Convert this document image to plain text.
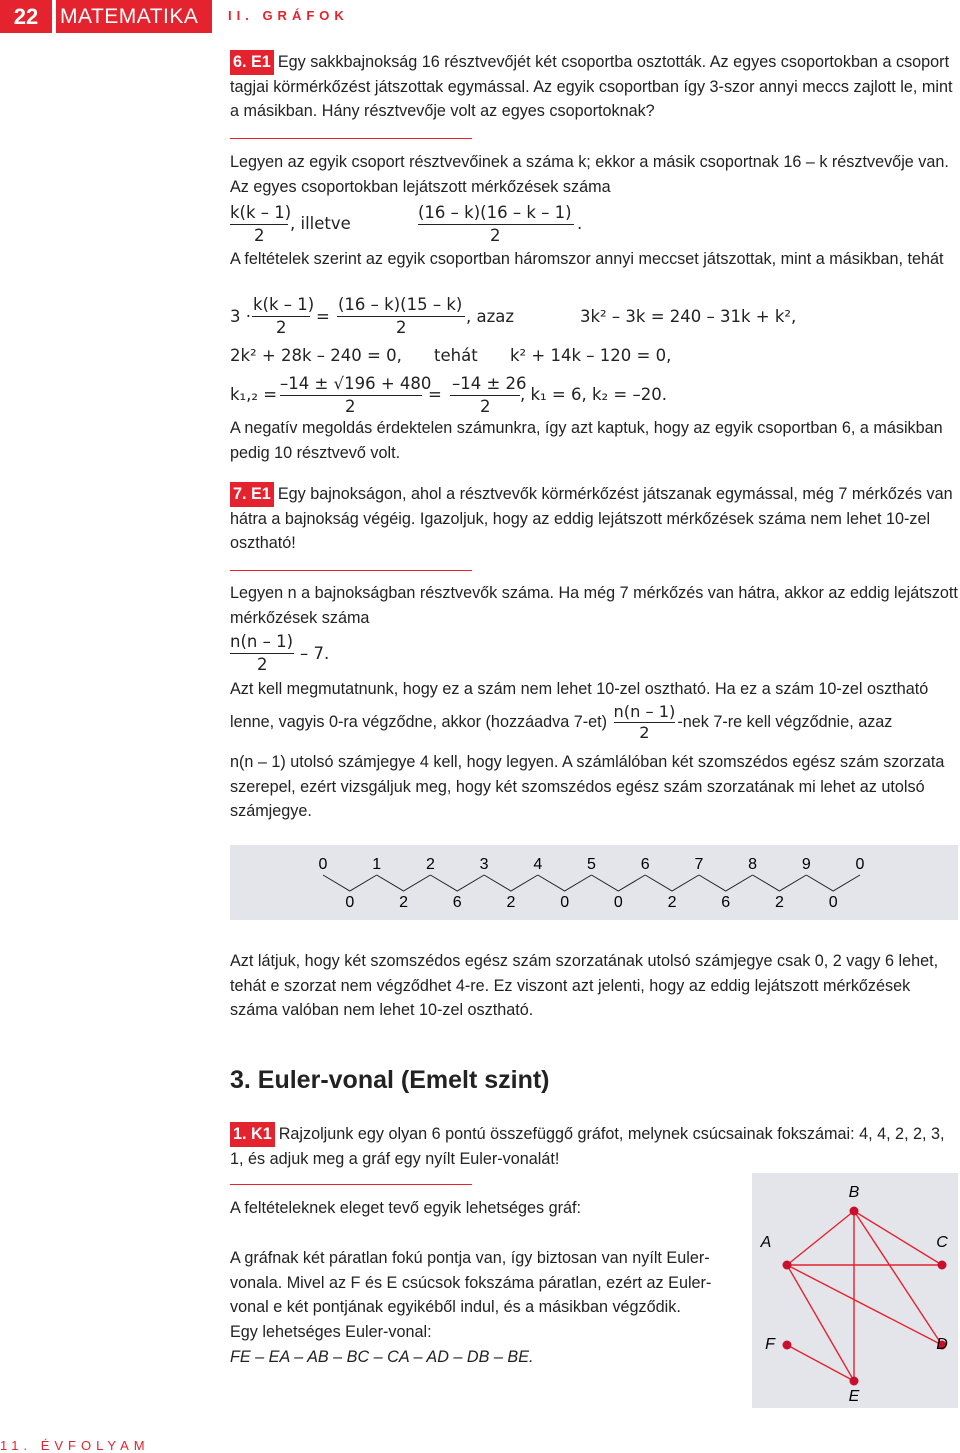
22	MATEMATIKA	II. GRÁFOK
6. E1 Egy sakkbajnokság 16 résztvevőjét két csoportba osztották. Az egyes csoportokban a csoport tagjai körmérkőzést játszottak egymással. Az egyik csoportban így 3-szor annyi meccs zajlott le, mint a másikban. Hány résztvevője volt az egyes csoportoknak?
Legyen az egyik csoport résztvevőinek a száma k; ekkor a másik csoportnak 16 – k résztvevője van. Az egyes csoportokban lejátszott mérkőzések száma
k(k – 1)
2
, illetve
(16 – k)(16 – k – 1)
2
.
A feltételek szerint az egyik csoportban háromszor annyi meccset játszottak, mint a másikban, tehát
3 ·
k(k – 1)
2
=
(16 – k)(15 – k)
2
, azaz	3k² – 3k = 240 – 31k + k²,
2k² + 28k – 240 = 0, tehát k² + 14k – 120 = 0,
k₁,₂ =
–14 ± √196 + 480
2
=
–14 ± 26
2
, k₁ = 6, k₂ = –20.
A negatív megoldás érdektelen számunkra, így azt kaptuk, hogy az egyik csoportban 6, a másikban pedig 10 résztvevő volt.
7. E1 Egy bajnokságon, ahol a résztvevők körmérkőzést játszanak egymással, még 7 mérkőzés van hátra a bajnokság végéig. Igazoljuk, hogy az eddig lejátszott mérkőzések száma nem lehet 10-zel osztható!
Legyen n a bajnokságban résztvevők száma. Ha még 7 mérkőzés van hátra, akkor az eddig lejátszott mérkőzések száma
n(n – 1)
2
– 7.
Azt kell megmutatnunk, hogy ez a szám nem lehet 10-zel osztható. Ha ez a szám 10-zel osztható lenne, vagyis 0-ra végződne, akkor (hozzáadva $7-et) \frac{n(n - 1)}{2} -nek$ 7-re kell végződnie, azaz
n(n – 1) utolsó számjegye 4 kell, hogy legyen. A számlálóban két szomszédos egész szám szorzata szerepel, ezért vizsgáljuk meg, hogy két szomszédos egész szám szorzatának mi lehet az utolsó számjegye.
0	1	2	3	4	5	6	7	8	9	0
0	2	6	2	0	0	2	6	2	0
Azt látjuk, hogy két szomszédos egész szám szorzatának utolsó számjegye csak 0, 2 vagy 6 lehet, tehát e szorzat nem végződhet 4-re. Ez viszont azt jelenti, hogy az eddig lejátszott mérkőzések száma valóban nem lehet 10-zel osztható.
3. Euler-vonal (Emelt szint)
1. K1 Rajzoljunk egy olyan 6 pontú összefüggő gráfot, melynek csúcsainak fokszámai: 4, 4, 2, 2, 3, 1, és adjuk meg a gráf egy nyílt Euler-vonalát!
A feltételeknek eleget tevő egyik lehetséges gráf:
A gráfnak két páratlan fokú pontja van, így biztosan van nyílt Euler-vonala. Mivel az F és E csúcsok fokszáma páratlan, ezért az Euler-vonal e két pontjának egyikéből indul, és a másikban végződik.
Egy lehetséges Euler-vonal:
FE – EA – AB – BC – CA – AD – DB – BE.
A
B
C
D
E
F
11. ÉVFOLYAM
